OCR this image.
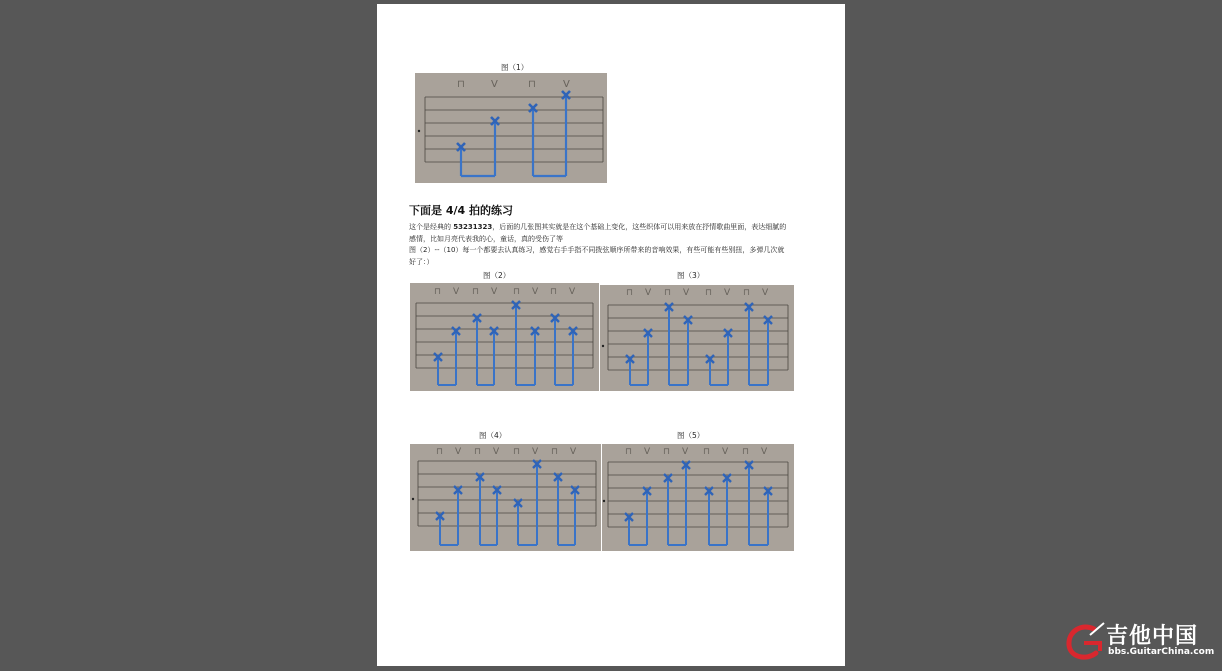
图（1）
⊓	V	⊓	V
下面是 4/4 拍的练习
这个是经典的 53231323，后面的几张图其实就是在这个基础上变化，这些织体可以用来放在抒情歌曲里面，表达细腻的感情，比如月亮代表我的心，童话，真的受伤了等
图（2）--（10）每一个都要去认真练习，感觉右手手指不同拨弦顺序所带来的音响效果，有些可能有些别扭，多弹几次就好了：）
图（2）	图（3）
⊓ V ⊓ V ⊓ V ⊓ V	⊓ V ⊓ V ⊓ V ⊓ V
图（4）	图（5）
⊓ V ⊓ V ⊓ V ⊓ V	⊓ V ⊓ V ⊓ V ⊓ V
吉他中国
bbs.GuitarChina.com
